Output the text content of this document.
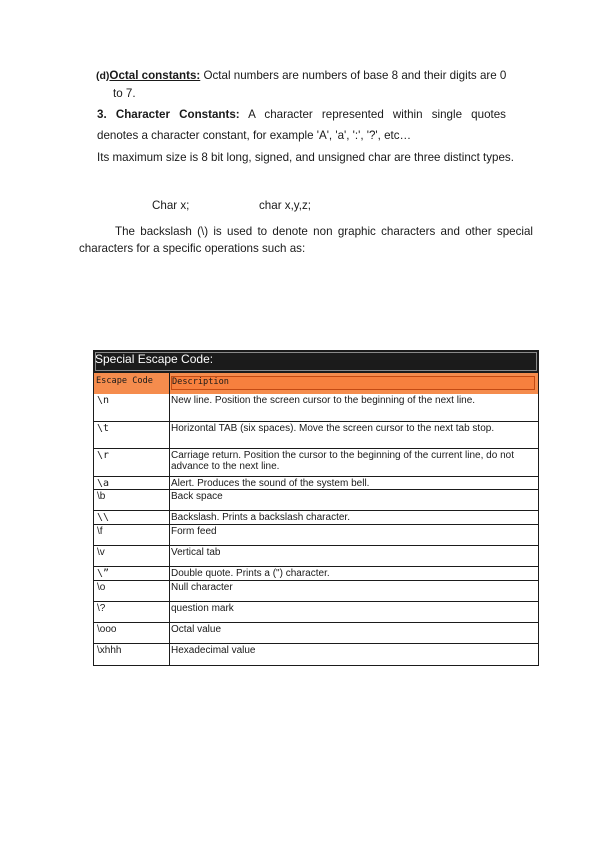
(d)Octal constants: Octal numbers are numbers of base 8 and their digits are 0
to 7.
3. Character Constants: A character represented within single quotes
denotes a character constant, for example 'A', 'a', ':', '?', etc…
Its maximum size is 8 bit long, signed, and unsigned char are three distinct types.
Char x;	char x,y,z;
The backslash (\) is used to denote non graphic characters and other special
characters for a specific operations such as:
Special Escape Code:
Escape Code Description
\n	New line. Position the screen cursor to the beginning of the next line.
\t	Horizontal TAB (six spaces). Move the screen cursor to the next tab stop.
\r	Carriage return. Position the cursor to the beginning of the current line, do not advance to the next line.
\a	Alert. Produces the sound of the system bell.
\b	Back space
\\	Backslash. Prints a backslash character.
\f	Form feed
\v	Vertical tab
\”	Double quote. Prints a (") character.
\o	Null character
\?	question mark
\ooo	Octal value
\xhhh	Hexadecimal value
